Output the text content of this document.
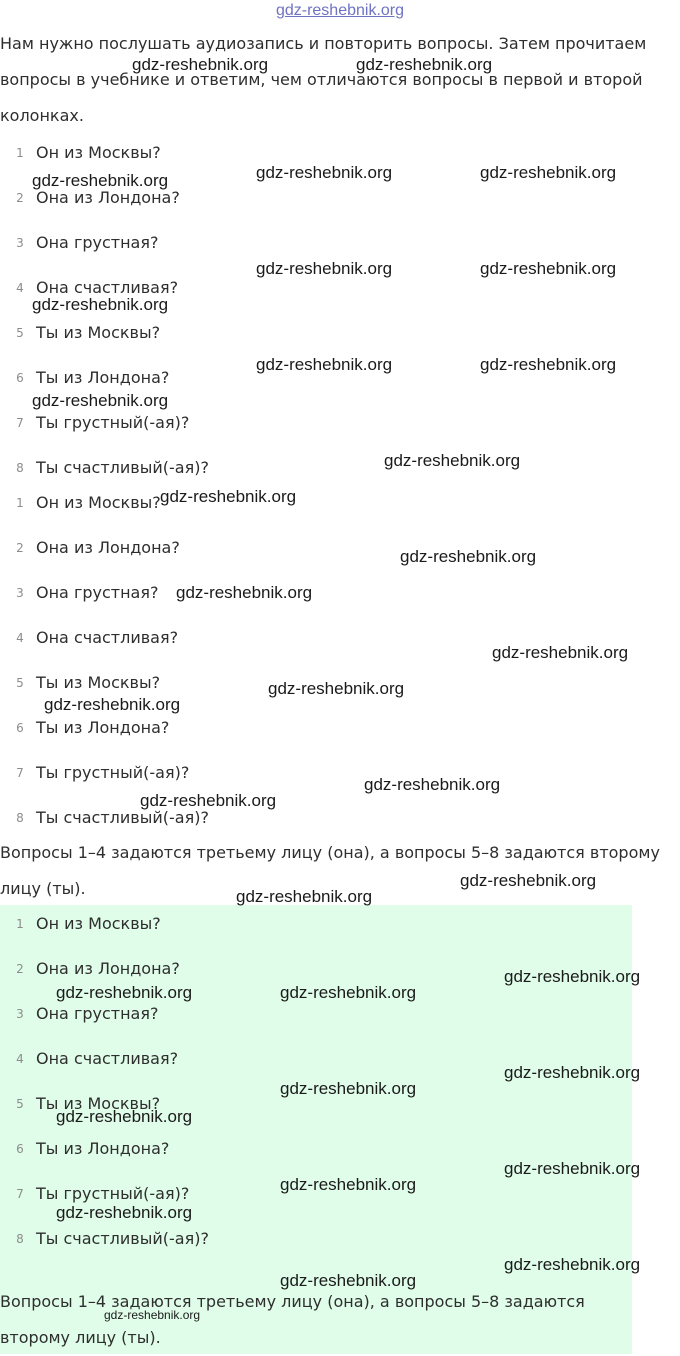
gdz-reshebnik.org
Нам нужно послушать аудиозапись и повторить вопросы. Затем прочитаем
вопросы в учебнике и ответим, чем отличаются вопросы в первой и второй
колонках.
1 Он из Москвы?
2 Она из Лондона?
3 Она грустная?
4 Она счастливая?
5 Ты из Москвы?
6 Ты из Лондона?
7 Ты грустный(-ая)?
8 Ты счастливый(-ая)?
1 Он из Москвы?
2 Она из Лондона?
3 Она грустная?
4 Она счастливая?
5 Ты из Москвы?
6 Ты из Лондона?
7 Ты грустный(-ая)?
8 Ты счастливый(-ая)?
Вопросы 1–4 задаются третьему лицу (она), а вопросы 5–8 задаются второму
лицу (ты).
1 Он из Москвы?
2 Она из Лондона?
3 Она грустная?
4 Она счастливая?
5 Ты из Москвы?
6 Ты из Лондона?
7 Ты грустный(-ая)?
8 Ты счастливый(-ая)?
Вопросы 1–4 задаются третьему лицу (она), а вопросы 5–8 задаются
второму лицу (ты).
gdz-reshebnik.org	gdz-reshebnik.org
gdz-reshebnik.org	gdz-reshebnik.org
gdz-reshebnik.org
gdz-reshebnik.org	gdz-reshebnik.org
gdz-reshebnik.org
gdz-reshebnik.org	gdz-reshebnik.org
gdz-reshebnik.org
gdz-reshebnik.org
gdz-reshebnik.org
gdz-reshebnik.org
gdz-reshebnik.org
gdz-reshebnik.org
gdz-reshebnik.org
gdz-reshebnik.org
gdz-reshebnik.org
gdz-reshebnik.org
gdz-reshebnik.org
gdz-reshebnik.org
gdz-reshebnik.org
gdz-reshebnik.org	gdz-reshebnik.org
gdz-reshebnik.org
gdz-reshebnik.org
gdz-reshebnik.org
gdz-reshebnik.org
gdz-reshebnik.org
gdz-reshebnik.org
gdz-reshebnik.org
gdz-reshebnik.org
gdz-reshebnik.org
